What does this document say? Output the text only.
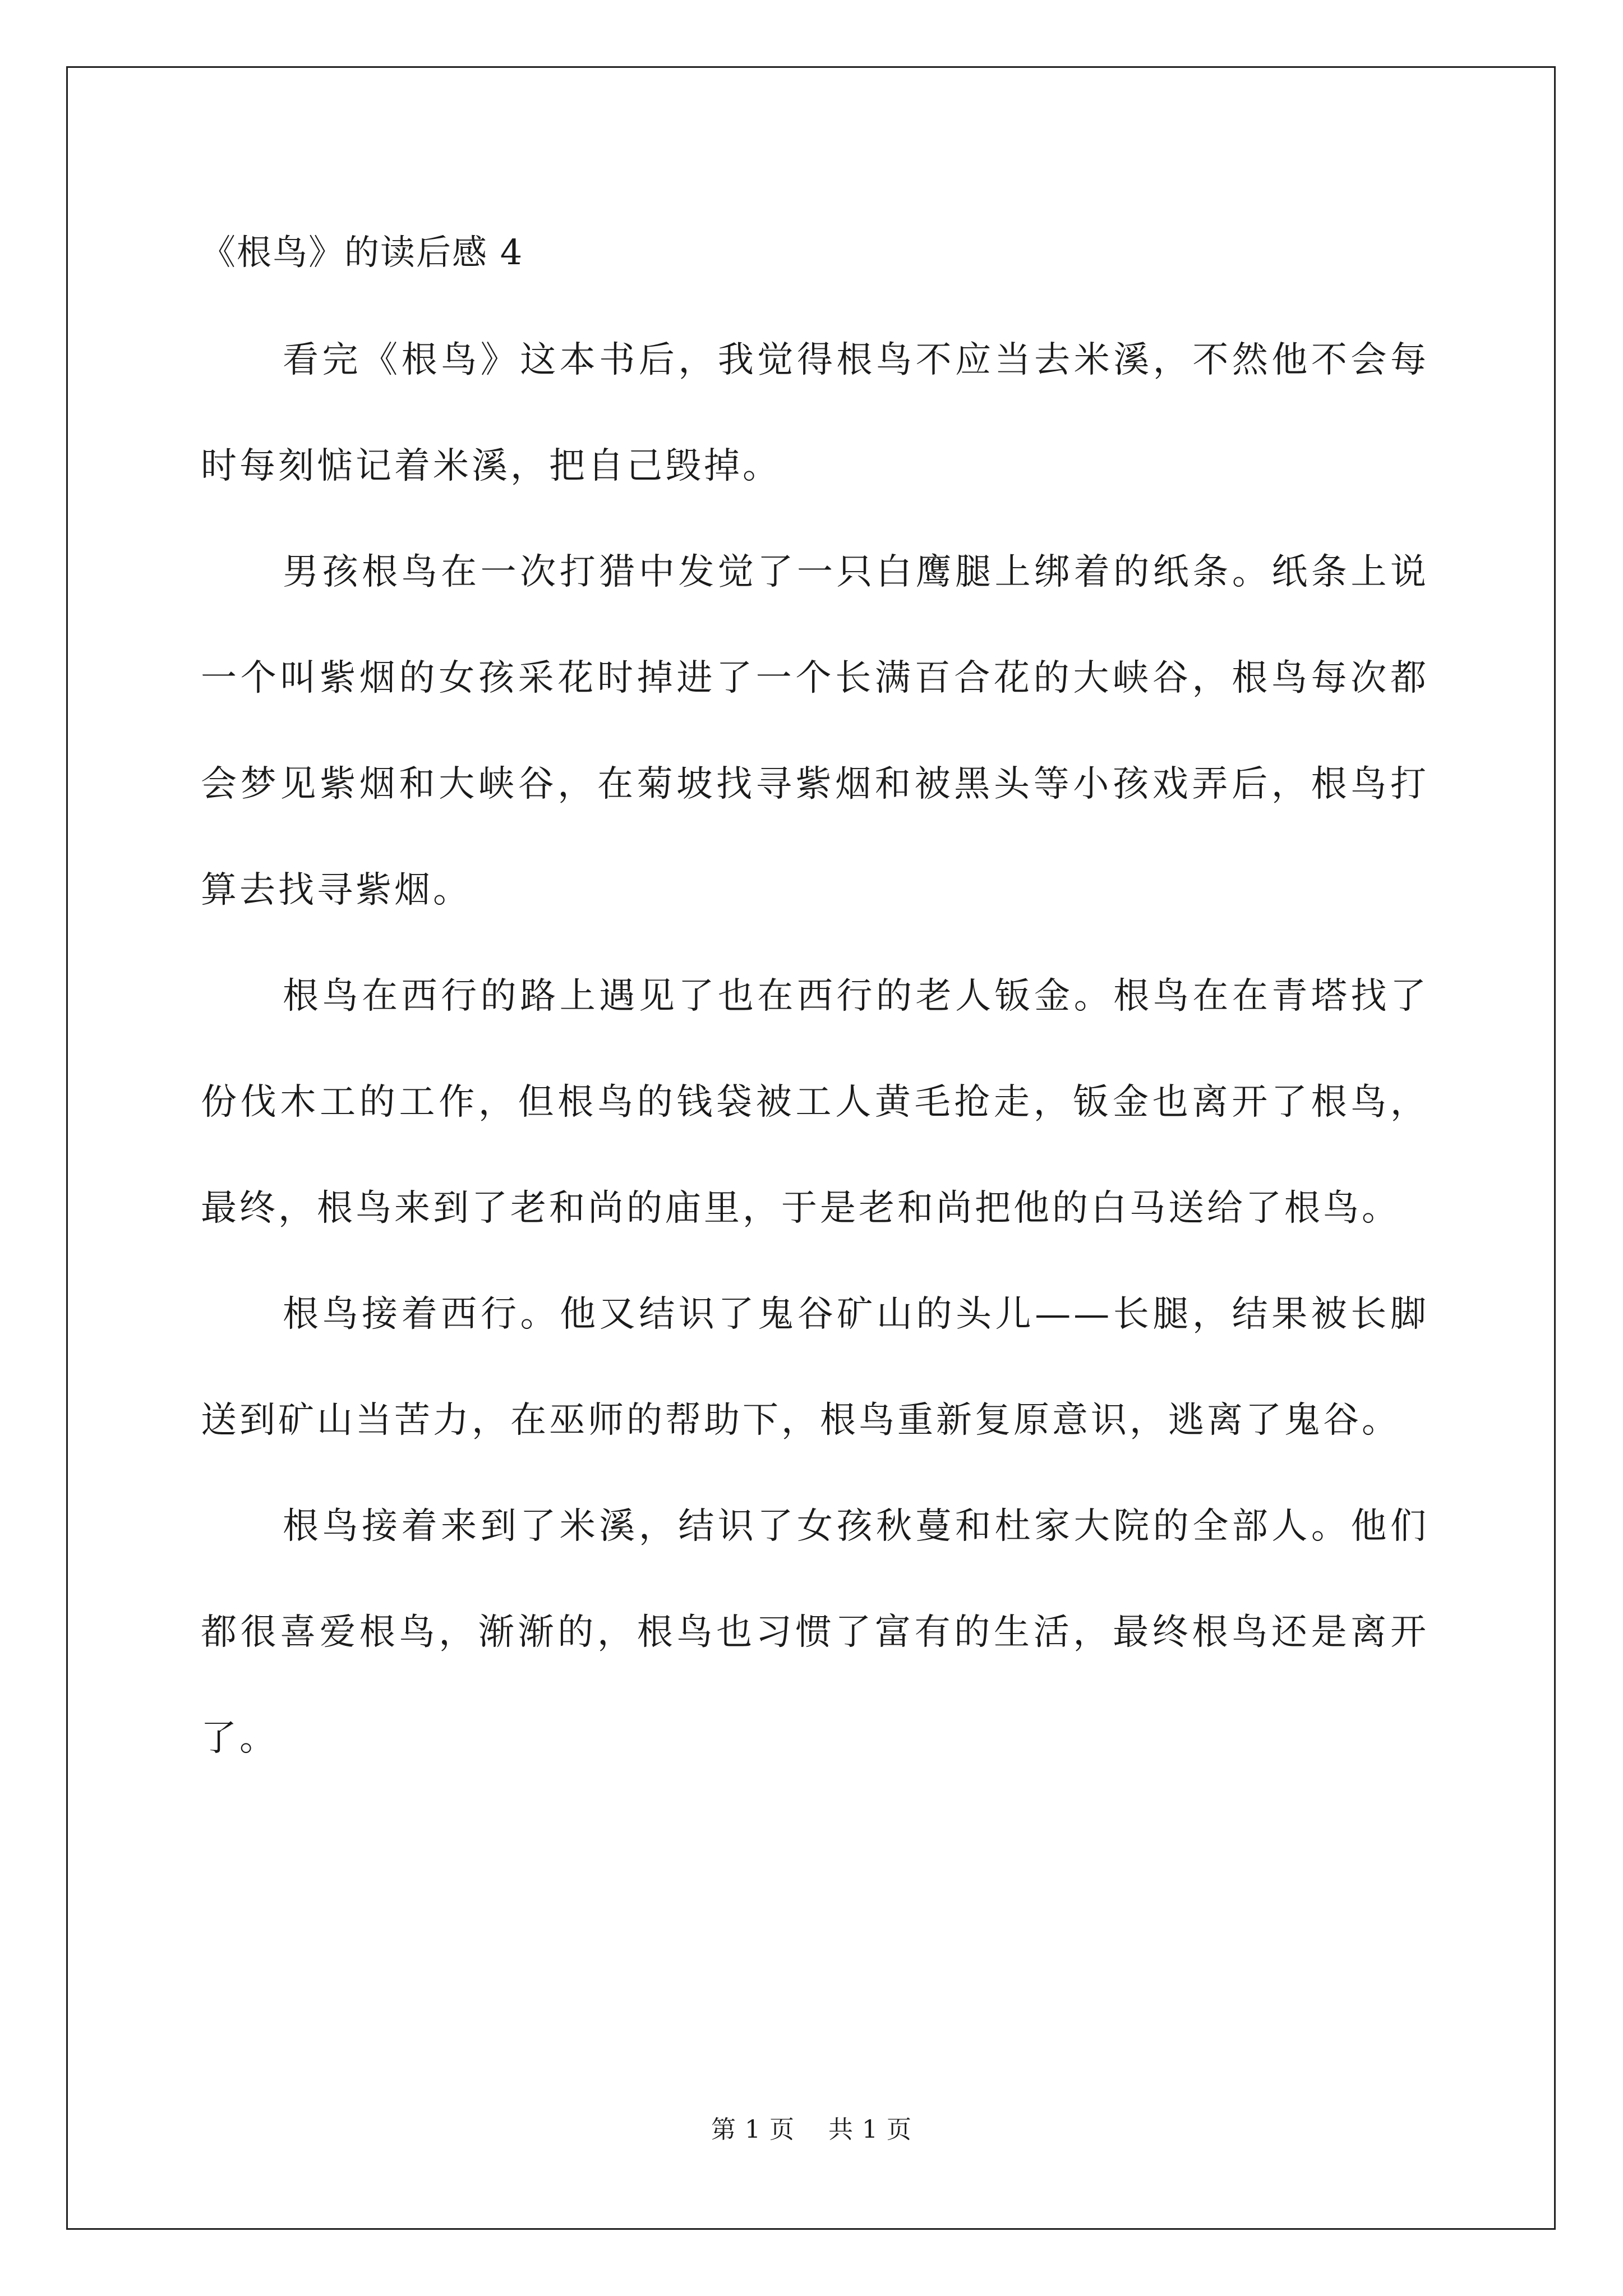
《根鸟》的读后感 4

看完《根鸟》这本书后，我觉得根鸟不应当去米溪，不然他不会每时每刻惦记着米溪，把自己毁掉。

男孩根鸟在一次打猎中发觉了一只白鹰腿上绑着的纸条。纸条上说一个叫紫烟的女孩采花时掉进了一个长满百合花的大峡谷，根鸟每次都会梦见紫烟和大峡谷，在菊坡找寻紫烟和被黑头等小孩戏弄后，根鸟打算去找寻紫烟。

根鸟在西行的路上遇见了也在西行的老人钣金。根鸟在在青塔找了份伐木工的工作，但根鸟的钱袋被工人黄毛抢走，钣金也离开了根鸟，最终，根鸟来到了老和尚的庙里，于是老和尚把他的白马送给了根鸟。

根鸟接着西行。他又结识了鬼谷矿山的头儿——长腿，结果被长脚送到矿山当苦力，在巫师的帮助下，根鸟重新复原意识，逃离了鬼谷。

根鸟接着来到了米溪，结识了女孩秋蔓和杜家大院的全部人。他们都很喜爱根鸟，渐渐的，根鸟也习惯了富有的生活，最终根鸟还是离开了。

第 1 页 共 1 页
